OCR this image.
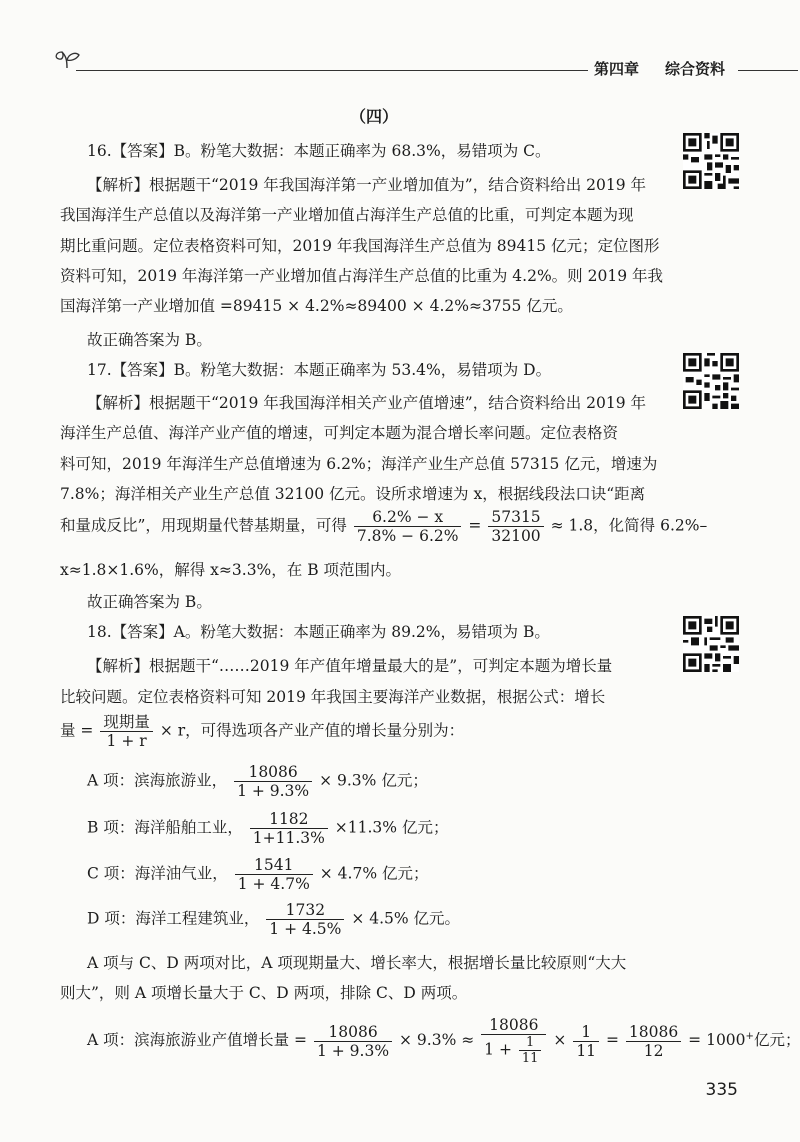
第四章 综合资料
（四）
16.【答案】B。粉笔大数据：本题正确率为 68.3%，易错项为 C。
【解析】根据题干“2019 年我国海洋第一产业增加值为”，结合资料给出 2019 年
我国海洋生产总值以及海洋第一产业增加值占海洋生产总值的比重，可判定本题为现
期比重问题。定位表格资料可知，2019 年我国海洋生产总值为 89415 亿元；定位图形
资料可知，2019 年海洋第一产业增加值占海洋生产总值的比重为 4.2%。则 2019 年我
国海洋第一产业增加值 =89415 × 4.2%≈89400 × 4.2%≈3755 亿元。
故正确答案为 B。
17.【答案】B。粉笔大数据：本题正确率为 53.4%，易错项为 D。
【解析】根据题干“2019 年我国海洋相关产业产值增速”，结合资料给出 2019 年
海洋生产总值、海洋产业产值的增速，可判定本题为混合增长率问题。定位表格资
料可知，2019 年海洋生产总值增速为 6.2%；海洋产业生产总值 57315 亿元，增速为
7.8%；海洋相关产业生产总值 32100 亿元。设所求增速为 x，根据线段法口诀“距离
和量成反比”，用现期量代替基期量，可得 $\frac{6.2\% - x}{7.8\% - 6.2\%} = \frac{57315}{32100} \approx 1.8$，化简得 6.2%–
x≈1.8×1.6%，解得 x≈3.3%，在 B 项范围内。
故正确答案为 B。
18.【答案】A。粉笔大数据：本题正确率为 89.2%，易错项为 B。
【解析】根据题干“……2019 年产值年增量最大的是”，可判定本题为增长量
比较问题。定位表格资料可知 2019 年我国主要海洋产业数据，根据公式：增长
量 = $\frac{\text{现期量}}{1 + r} \times r$，可得选项各产业产值的增长量分别为：
A 项：滨海旅游业， $\frac{18086}{1 + 9.3\%} \times 9.3\%$ 亿元；
B 项：海洋船舶工业， $\frac{1182}{1+11.3\%} \times 11.3\%$ 亿元；
C 项：海洋油气业， $\frac{1541}{1 + 4.7\%} \times 4.7\%$ 亿元；
D 项：海洋工程建筑业， $\frac{1732}{1 + 4.5\%} \times 4.5\%$ 亿元。
A 项与 C、D 两项对比，A 项现期量大、增长率大，根据增长量比较原则“大大
则大”，则 A 项增长量大于 C、D 两项，排除 C、D 两项。
A 项：滨海旅游业产值增长量 = $\frac{18086}{1 + 9.3\%} \times 9.3\% \approx \frac{18086}{1 + \frac{1}{11}} \times \frac{1}{11} = \frac{18086}{12} = 1000^+$亿元；
335
